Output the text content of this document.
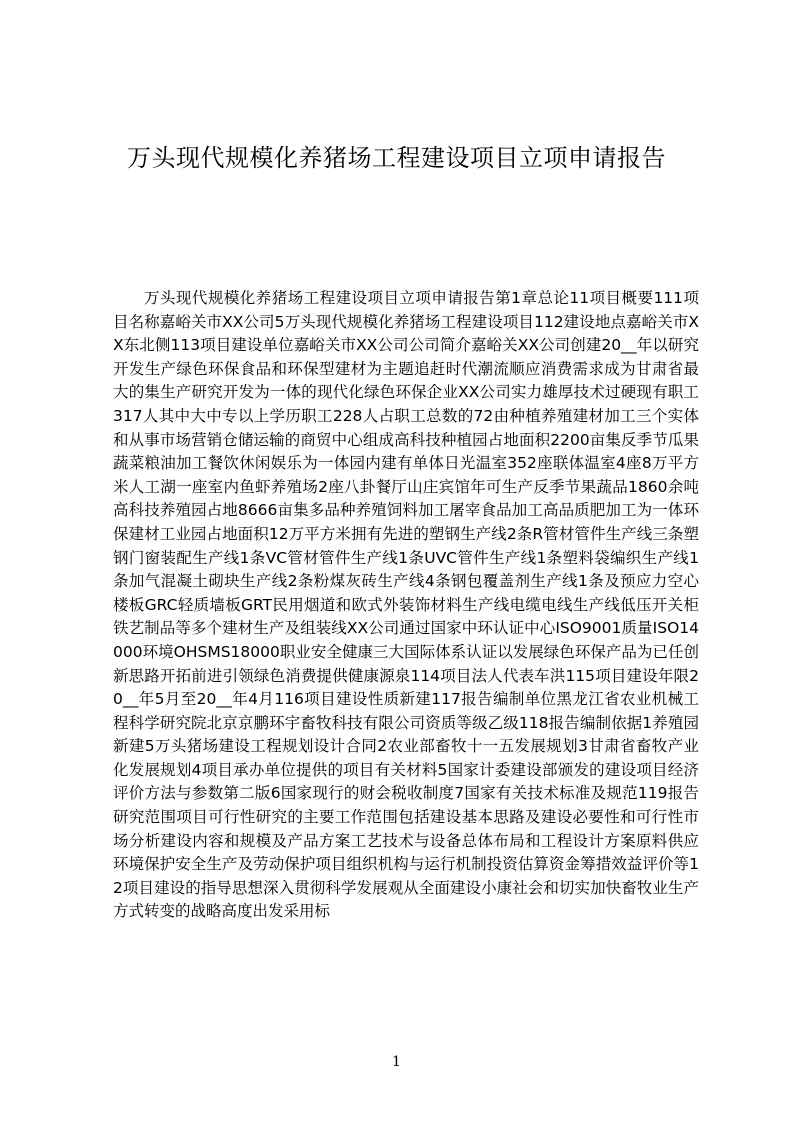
万头现代规模化养猪场工程建设项目立项申请报告

万头现代规模化养猪场工程建设项目立项申请报告第1章总论11项目概要111项目名称嘉峪关市XX公司5万头现代规模化养猪场工程建设项目112建设地点嘉峪关市XX东北侧113项目建设单位嘉峪关市XX公司公司简介嘉峪关XX公司创建20__年以研究开发生产绿色环保食品和环保型建材为主题追赶时代潮流顺应消费需求成为甘肃省最大的集生产研究开发为一体的现代化绿色环保企业XX公司实力雄厚技术过硬现有职工317人其中大中专以上学历职工228人占职工总数的72由种植养殖建材加工三个实体和从事市场营销仓储运输的商贸中心组成高科技种植园占地面积2200亩集反季节瓜果蔬菜粮油加工餐饮休闲娱乐为一体园内建有单体日光温室352座联体温室4座8万平方米人工湖一座室内鱼虾养殖场2座八卦餐厅山庄宾馆年可生产反季节果蔬品1860余吨高科技养殖园占地8666亩集多品种养殖饲料加工屠宰食品加工高品质肥加工为一体环保建材工业园占地面积12万平方米拥有先进的塑钢生产线2条R管材管件生产线三条塑钢门窗装配生产线1条VC管材管件生产线1条UVC管件生产线1条塑料袋编织生产线1条加气混凝土砌块生产线2条粉煤灰砖生产线4条钢包覆盖剂生产线1条及预应力空心楼板GRC轻质墙板GRT民用烟道和欧式外装饰材料生产线电缆电线生产线低压开关柜铁艺制品等多个建材生产及组装线XX公司通过国家中环认证中心ISO9001质量ISO14000环境OHSMS18000职业安全健康三大国际体系认证以发展绿色环保产品为已任创新思路开拓前进引领绿色消费提供健康源泉114项目法人代表车洪115项目建设年限20__年5月至20__年4月116项目建设性质新建117报告编制单位黑龙江省农业机械工程科学研究院北京京鹏环宇畜牧科技有限公司资质等级乙级118报告编制依据1养殖园新建5万头猪场建设工程规划设计合同2农业部畜牧十一五发展规划3甘肃省畜牧产业化发展规划4项目承办单位提供的项目有关材料5国家计委建设部颁发的建设项目经济评价方法与参数第二版6国家现行的财会税收制度7国家有关技术标准及规范119报告研究范围项目可行性研究的主要工作范围包括建设基本思路及建设必要性和可行性市场分析建设内容和规模及产品方案工艺技术与设备总体布局和工程设计方案原料供应环境保护安全生产及劳动保护项目组织机构与运行机制投资估算资金筹措效益评价等12项目建设的指导思想深入贯彻科学发展观从全面建设小康社会和切实加快畜牧业生产方式转变的战略高度出发采用标

1
